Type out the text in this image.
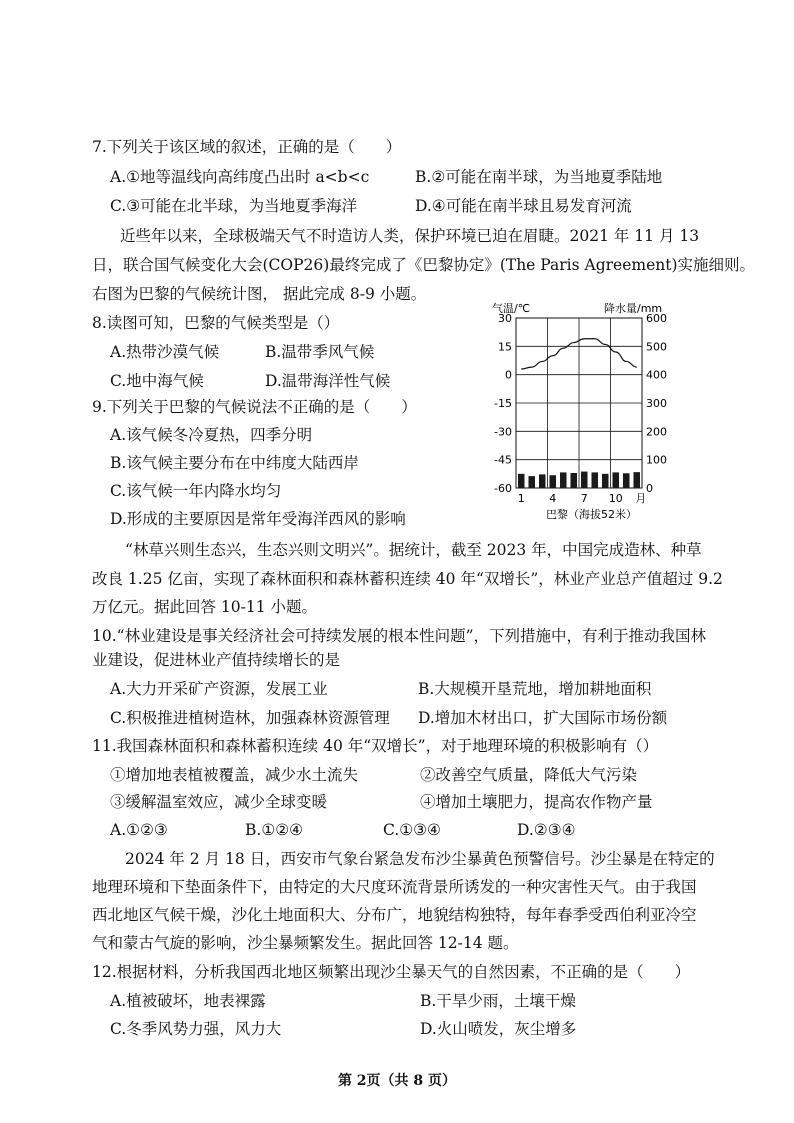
7.下列关于该区域的叙述，正确的是（　　）
A.①地等温线向高纬度凸出时 a<b<c	B.②可能在南半球，为当地夏季陆地
C.③可能在北半球，为当地夏季海洋	D.④可能在南半球且易发育河流
近些年以来，全球极端天气不时造访人类，保护环境已迫在眉睫。2021 年 11 月 13
日，联合国气候变化大会(COP26)最终完成了《巴黎协定》(The Paris Agreement)实施细则。
右图为巴黎的气候统计图， 据此完成 8-9 小题。
8.读图可知，巴黎的气候类型是（）
A.热带沙漠气候	B.温带季风气候
C.地中海气候	D.温带海洋性气候
9.下列关于巴黎的气候说法不正确的是（　　）
A.该气候冬冷夏热，四季分明
B.该气候主要分布在中纬度大陆西岸
C.该气候一年内降水均匀
D.形成的主要原因是常年受海洋西风的影响
30
15
0
-15
-30
-45
-60
600
500
400
300
200
100
0
1 4 7 10 月
气温/℃	降水量/mm
巴黎（海拔52米）
“林草兴则生态兴，生态兴则文明兴”。据统计，截至 2023 年，中国完成造林、种草
改良 1.25 亿亩，实现了森林面积和森林蓄积连续 40 年“双增长”，林业产业总产值超过 9.2
万亿元。据此回答 10-11 小题。
10.“林业建设是事关经济社会可持续发展的根本性问题”，下列措施中，有利于推动我国林
业建设，促进林业产值持续增长的是
A.大力开采矿产资源，发展工业	B.大规模开垦荒地，增加耕地面积
C.积极推进植树造林，加强森林资源管理 D.增加木材出口，扩大国际市场份额
11.我国森林面积和森林蓄积连续 40 年“双增长”，对于地理环境的积极影响有（）
①增加地表植被覆盖，减少水土流失	②改善空气质量，降低大气污染
③缓解温室效应，减少全球变暖	④增加土壤肥力，提高农作物产量
A.①②③	B.①②④	C.①③④	D.②③④
2024 年 2 月 18 日，西安市气象台紧急发布沙尘暴黄色预警信号。沙尘暴是在特定的
地理环境和下垫面条件下，由特定的大尺度环流背景所诱发的一种灾害性天气。由于我国
西北地区气候干燥，沙化土地面积大、分布广，地貌结构独特，每年春季受西伯利亚冷空
气和蒙古气旋的影响，沙尘暴频繁发生。据此回答 12-14 题。
12.根据材料，分析我国西北地区频繁出现沙尘暴天气的自然因素，不正确的是（　　）
A.植被破坏，地表裸露	B.干旱少雨，土壤干燥
C.冬季风势力强，风力大	D.火山喷发，灰尘增多
第 2页（共 8 页）
